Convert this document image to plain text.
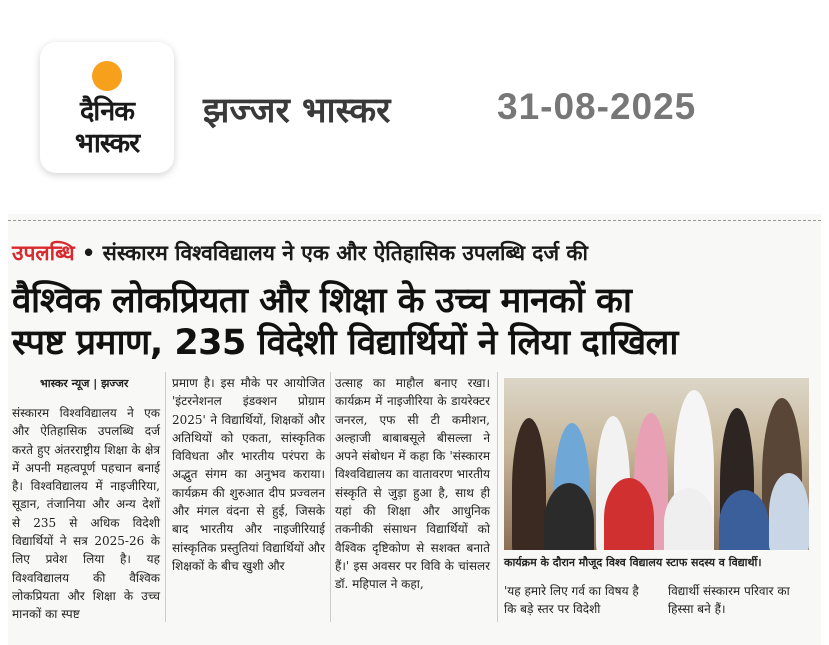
दैनिक
भास्कर
झज्जर भास्कर	31-08-2025
उपलब्धि • संस्कारम विश्वविद्यालय ने एक और ऐतिहासिक उपलब्धि दर्ज की
वैश्विक लोकप्रियता और शिक्षा के उच्च मानकों का
स्पष्ट प्रमाण, 235 विदेशी विद्यार्थियों ने लिया दाखिला
भास्कर न्यूज | झज्जर
संस्कारम विश्वविद्यालय ने एक और ऐतिहासिक उपलब्धि दर्ज करते हुए अंतरराष्ट्रीय शिक्षा के क्षेत्र में अपनी महत्वपूर्ण पहचान बनाई है। विश्वविद्यालय में नाइजीरिया, सूडान, तंजानिया और अन्य देशों से 235 से अधिक विदेशी विद्यार्थियों ने सत्र 2025-26 के लिए प्रवेश लिया है। यह विश्वविद्यालय की वैश्विक लोकप्रियता और शिक्षा के उच्च मानकों का स्पष्ट
प्रमाण है। इस मौके पर आयोजित 'इंटरनेशनल इंडक्शन प्रोग्राम 2025' ने विद्यार्थियों, शिक्षकों और अतिथियों को एकता, सांस्कृतिक विविधता और भारतीय परंपरा के अद्भुत संगम का अनुभव कराया। कार्यक्रम की शुरुआत दीप प्रज्वलन और मंगल वंदना से हुई, जिसके बाद भारतीय और नाइजीरियाई सांस्कृतिक प्रस्तुतियां विद्यार्थियों और शिक्षकों के बीच खुशी और
उत्साह का माहौल बनाए रखा। कार्यक्रम में नाइजीरिया के डायरेक्टर जनरल, एफ सी टी कमीशन, अल्हाजी बाबाबसूले बीसल्ला ने अपने संबोधन में कहा कि 'संस्कारम विश्वविद्यालय का वातावरण भारतीय संस्कृति से जुड़ा हुआ है, साथ ही यहां की शिक्षा और आधुनिक तकनीकी संसाधन विद्यार्थियों को वैश्विक दृष्टिकोण से सशक्त बनाते हैं।' इस अवसर पर विवि के चांसलर डॉ. महिपाल ने कहा,
कार्यक्रम के दौरान मौजूद विश्व विद्यालय स्टाफ सदस्य व विद्यार्थी।
'यह हमारे लिए गर्व का विषय है कि बड़े स्तर पर विदेशी
विद्यार्थी संस्कारम परिवार का हिस्सा बने हैं।
